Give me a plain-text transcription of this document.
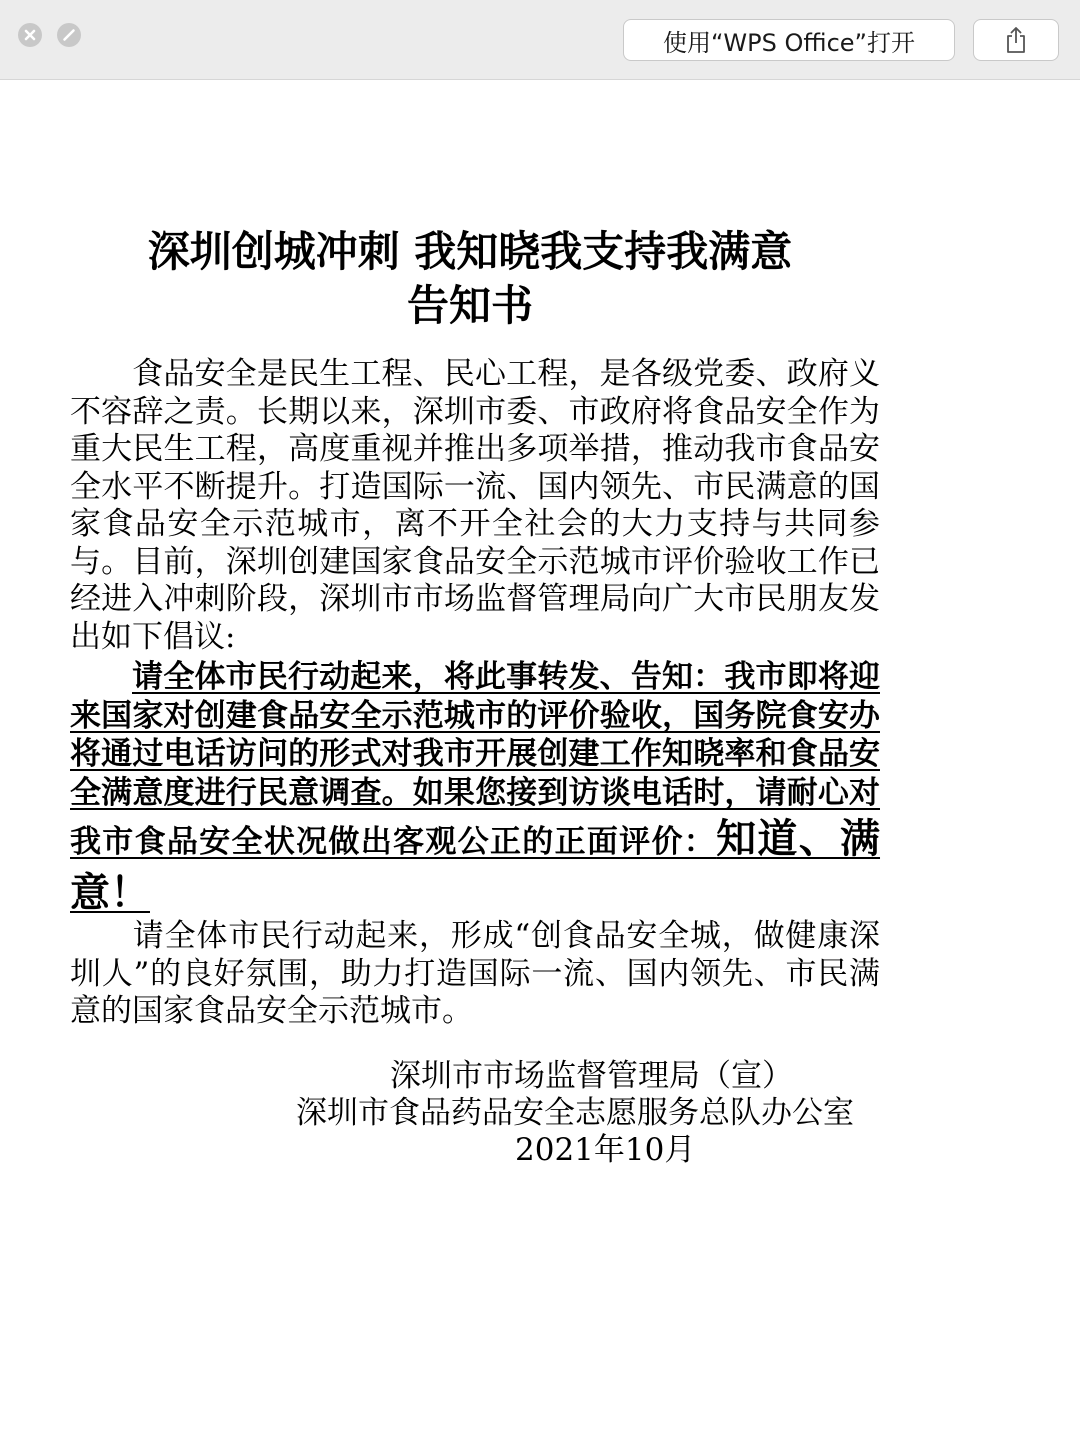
使用“WPS Office”打开
深圳创城冲刺 我知晓我支持我满意
告知书

食品安全是民生工程、民心工程，是各级党委、政府义不容辞之责。长期以来，深圳市委、市政府将食品安全作为重大民生工程，高度重视并推出多项举措，推动我市食品安全水平不断提升。打造国际一流、国内领先、市民满意的国家食品安全示范城市，离不开全社会的大力支持与共同参与。目前，深圳创建国家食品安全示范城市评价验收工作已经进入冲刺阶段，深圳市市场监督管理局向广大市民朋友发出如下倡议:

请全体市民行动起来，将此事转发、告知：我市即将迎来国家对创建食品安全示范城市的评价验收，国务院食安办将通过电话访问的形式对我市开展创建工作知晓率和食品安全满意度进行民意调查。如果您接到访谈电话时，请耐心对我市食品安全状况做出客观公正的正面评价：知道、满意！

请全体市民行动起来，形成“创食品安全城，做健康深圳人”的良好氛围，助力打造国际一流、国内领先、市民满意的国家食品安全示范城市。

深圳市市场监督管理局（宣）
深圳市食品药品安全志愿服务总队办公室
2021年10月
